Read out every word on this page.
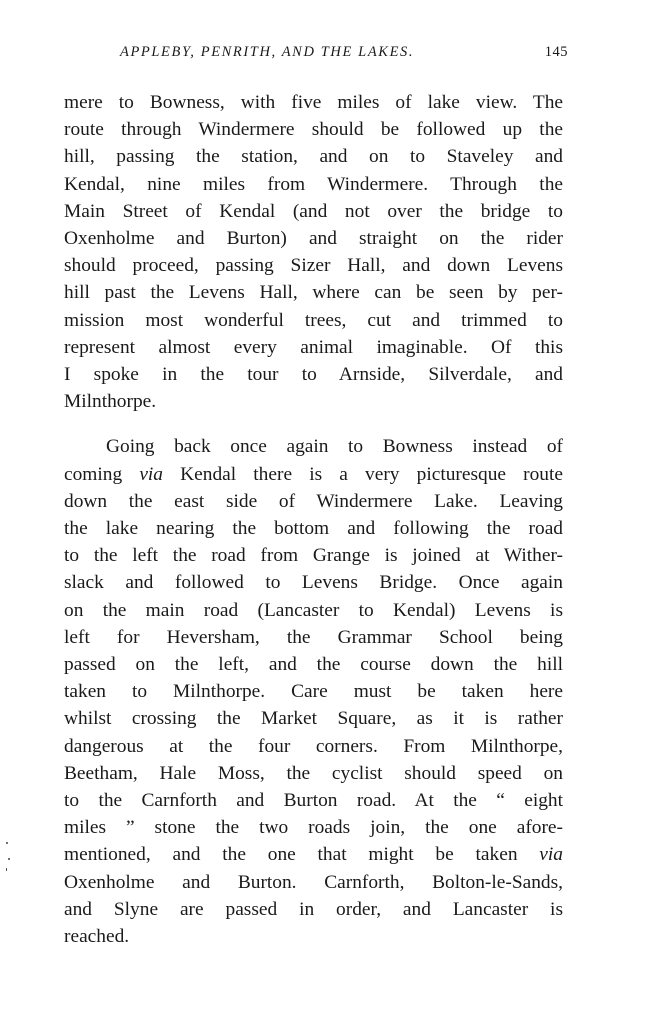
APPLEBY, PENRITH, AND THE LAKES.	145

mere to Bowness, with five miles of lake view. The
route through Windermere should be followed up the
hill, passing the station, and on to Staveley and
Kendal, nine miles from Windermere. Through the
Main Street of Kendal (and not over the bridge to
Oxenholme and Burton) and straight on the rider
should proceed, passing Sizer Hall, and down Levens
hill past the Levens Hall, where can be seen by per-
mission most wonderful trees, cut and trimmed to
represent almost every animal imaginable. Of this
I spoke in the tour to Arnside, Silverdale, and
Milnthorpe.

Going back once again to Bowness instead of
coming via Kendal there is a very picturesque route
down the east side of Windermere Lake. Leaving
the lake nearing the bottom and following the road
to the left the road from Grange is joined at Wither-
slack and followed to Levens Bridge. Once again
on the main road (Lancaster to Kendal) Levens is
left for Heversham, the Grammar School being
passed on the left, and the course down the hill
taken to Milnthorpe. Care must be taken here
whilst crossing the Market Square, as it is rather
dangerous at the four corners. From Milnthorpe,
Beetham, Hale Moss, the cyclist should speed on
to the Carnforth and Burton road. At the “ eight
miles ” stone the two roads join, the one afore-
mentioned, and the one that might be taken via
Oxenholme and Burton. Carnforth, Bolton-le-Sands,
and Slyne are passed in order, and Lancaster is
reached.
